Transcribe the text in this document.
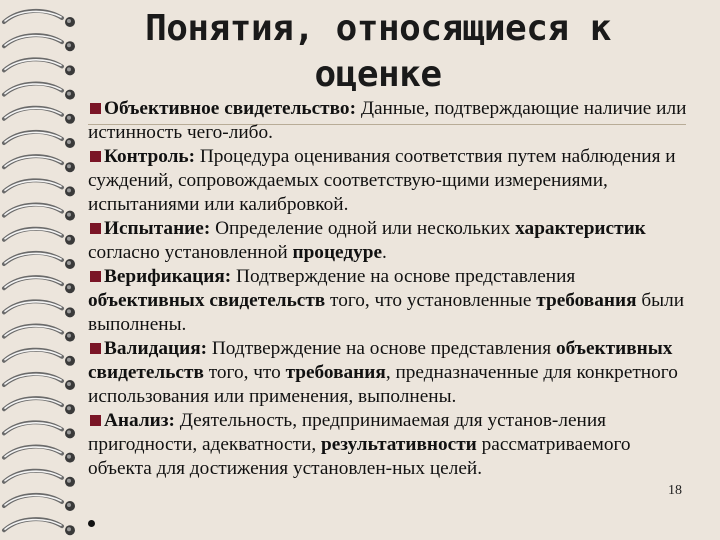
Понятия, относящиеся к оценке

Объективное свидетельство: Данные, подтверждающие наличие или истинность чего-либо.

Контроль: Процедура оценивания соответствия путем наблюдения и суждений, сопровождаемых соответствую-щими измерениями, испытаниями или калибровкой.

Испытание: Определение одной или нескольких характеристик согласно установленной процедуре.

Верификация: Подтверждение на основе представления объективных свидетельств того, что установленные требования были выполнены.

Валидация: Подтверждение на основе представления объективных свидетельств того, что требования, предназначенные для конкретного использования или применения, выполнены.

Анализ: Деятельность, предпринимаемая для установ-ления пригодности, адекватности, результативности рассматриваемого объекта для достижения установлен-ных целей.

18
